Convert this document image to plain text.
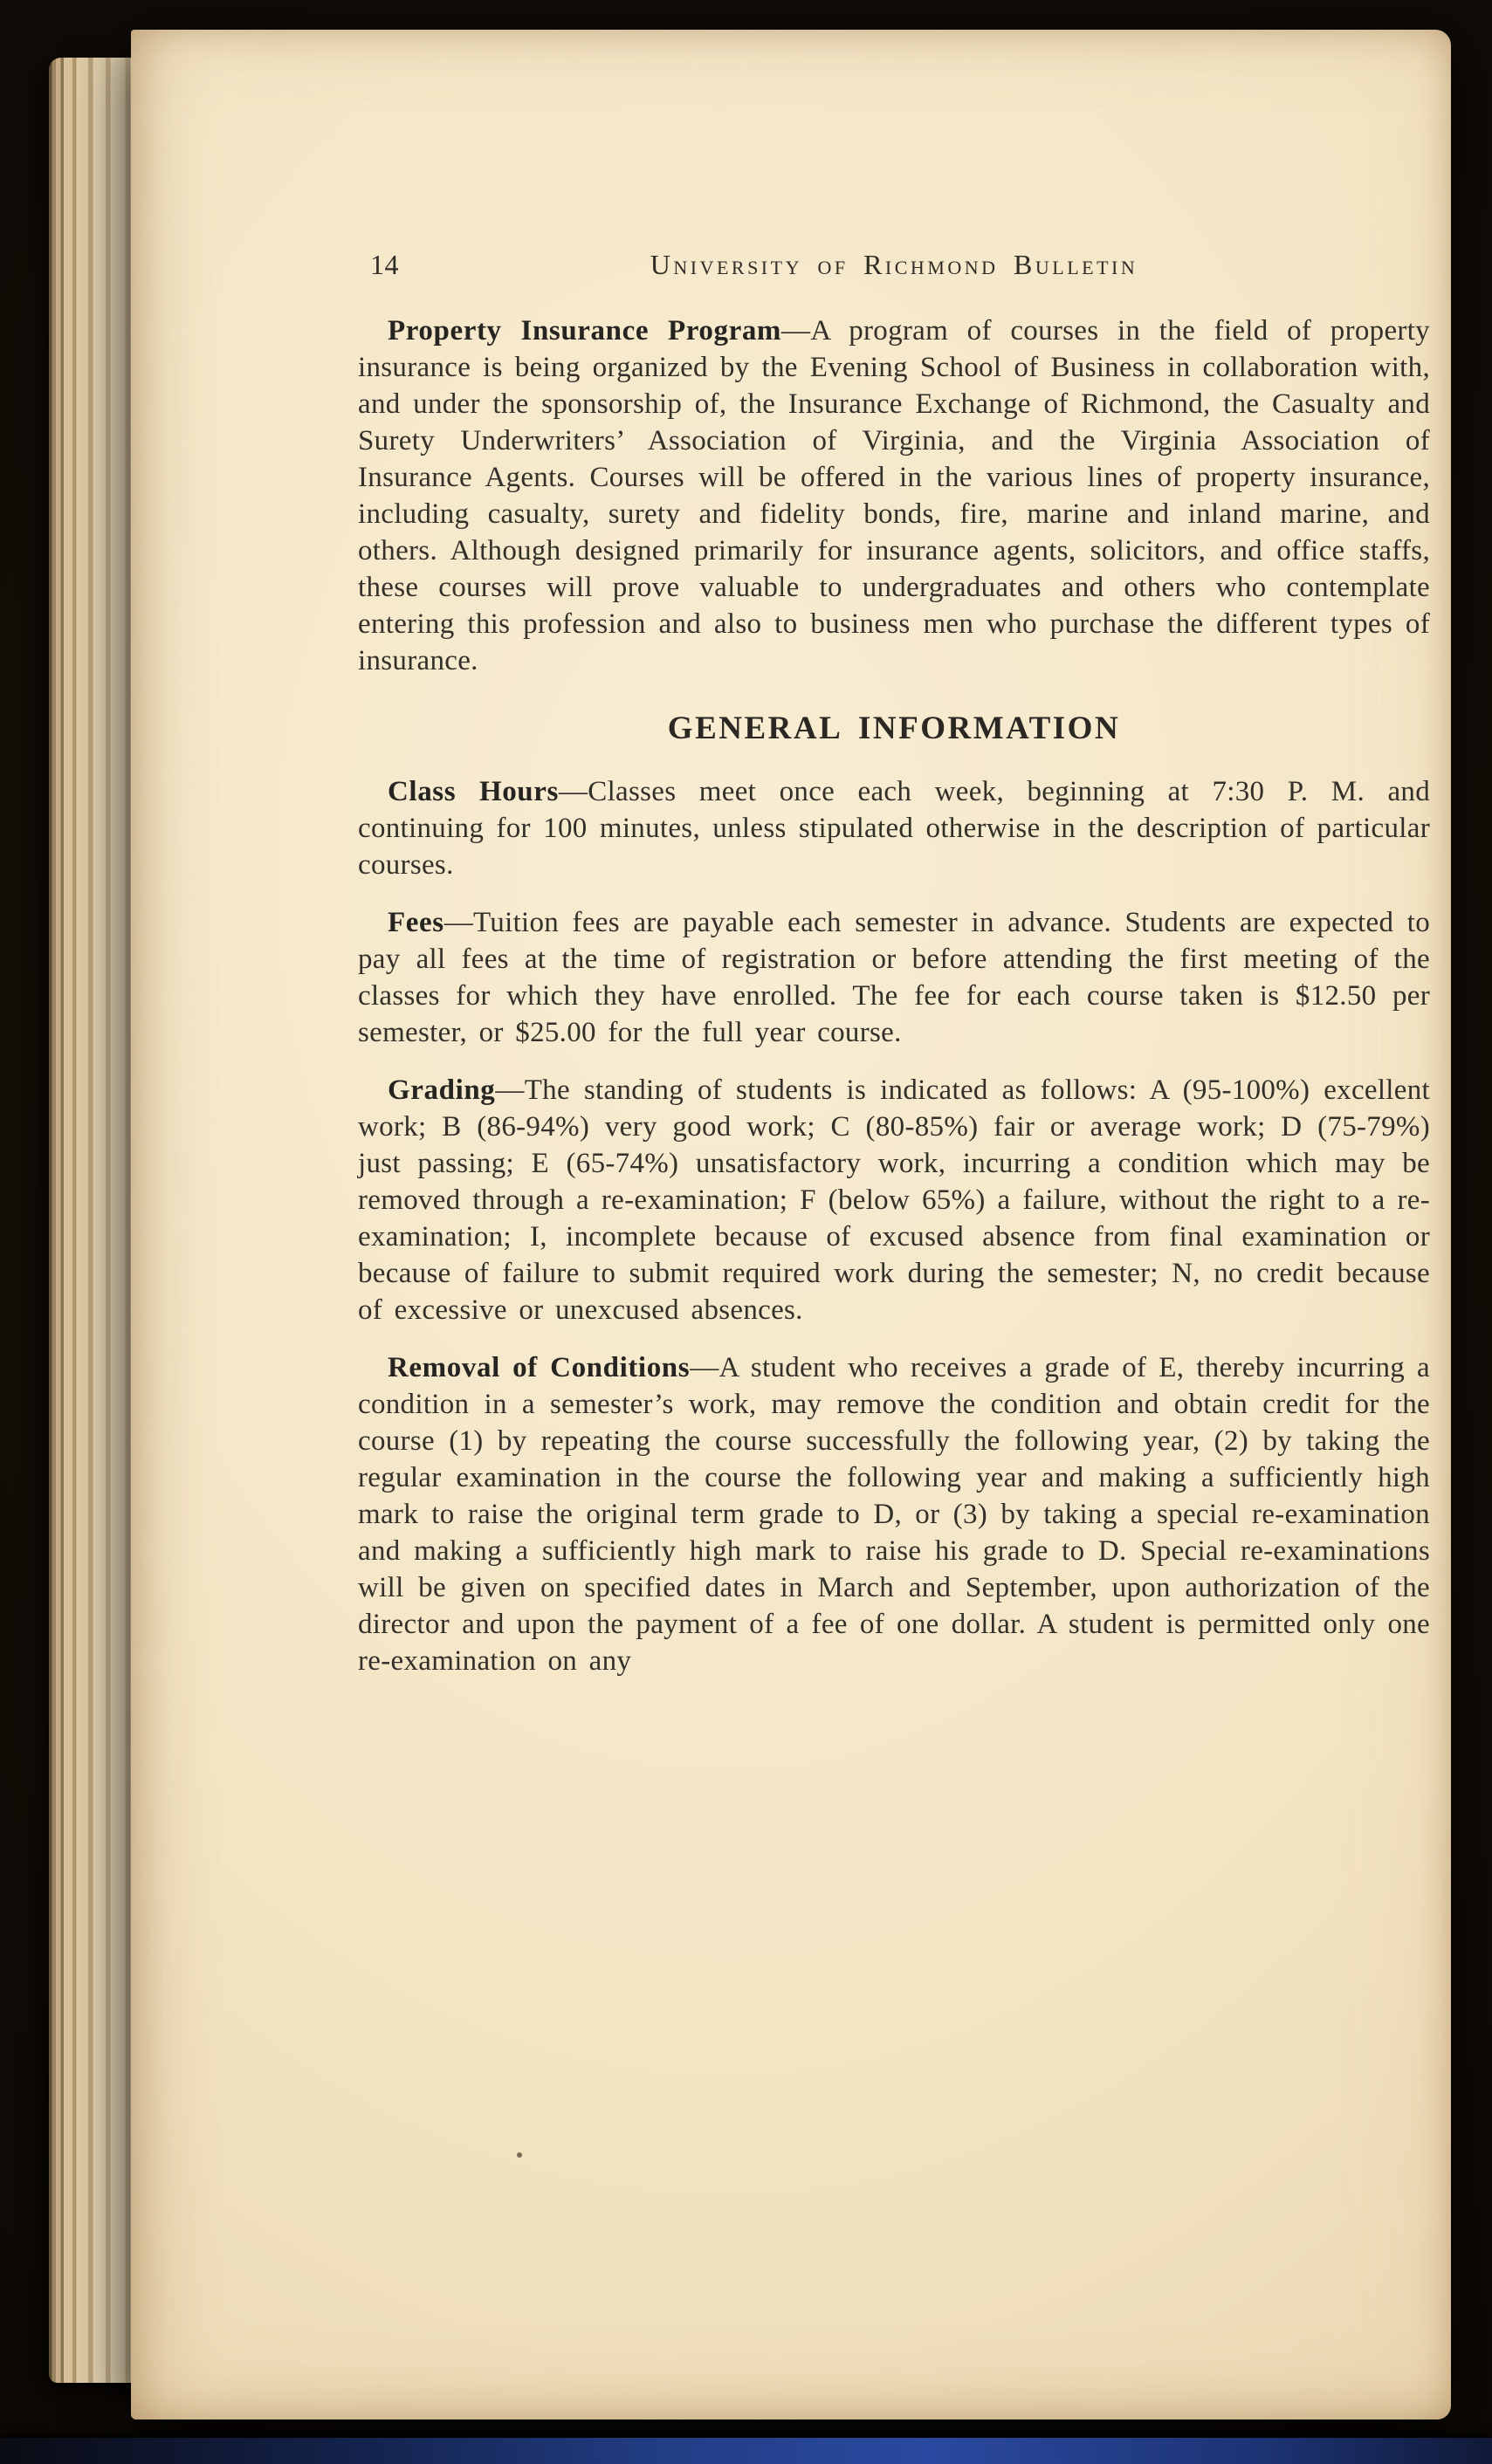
14	University of Richmond Bulletin

Property Insurance Program—A program of courses in the field of property insurance is being organized by the Evening School of Business in collaboration with, and under the sponsorship of, the Insurance Exchange of Richmond, the Casualty and Surety Underwriters’ Association of Virginia, and the Virginia Association of Insurance Agents. Courses will be offered in the various lines of property insurance, including casualty, surety and fidelity bonds, fire, marine and inland marine, and others. Although designed primarily for insurance agents, solicitors, and office staffs, these courses will prove valuable to undergraduates and others who contemplate entering this profession and also to business men who purchase the different types of insurance.

GENERAL INFORMATION

Class Hours—Classes meet once each week, beginning at 7:30 P. M. and continuing for 100 minutes, unless stipulated otherwise in the description of particular courses.

Fees—Tuition fees are payable each semester in advance. Students are expected to pay all fees at the time of registration or before attending the first meeting of the classes for which they have enrolled. The fee for each course taken is $12.50 per semester, or $25.00 for the full year course.

Grading—The standing of students is indicated as follows: A (95-100%) excellent work; B (86-94%) very good work; C (80-85%) fair or average work; D (75-79%) just passing; E (65-74%) unsatisfactory work, incurring a condition which may be removed through a re-examination; F (below 65%) a failure, without the right to a re-examination; I, incomplete because of excused absence from final examination or because of failure to submit required work during the semester; N, no credit because of excessive or unexcused absences.

Removal of Conditions—A student who receives a grade of E, thereby incurring a condition in a semester’s work, may remove the condition and obtain credit for the course (1) by repeating the course successfully the following year, (2) by taking the regular examination in the course the following year and making a sufficiently high mark to raise the original term grade to D, or (3) by taking a special re-examination and making a sufficiently high mark to raise his grade to D. Special re-examinations will be given on specified dates in March and September, upon authorization of the director and upon the payment of a fee of one dollar. A student is permitted only one re-examination on any
